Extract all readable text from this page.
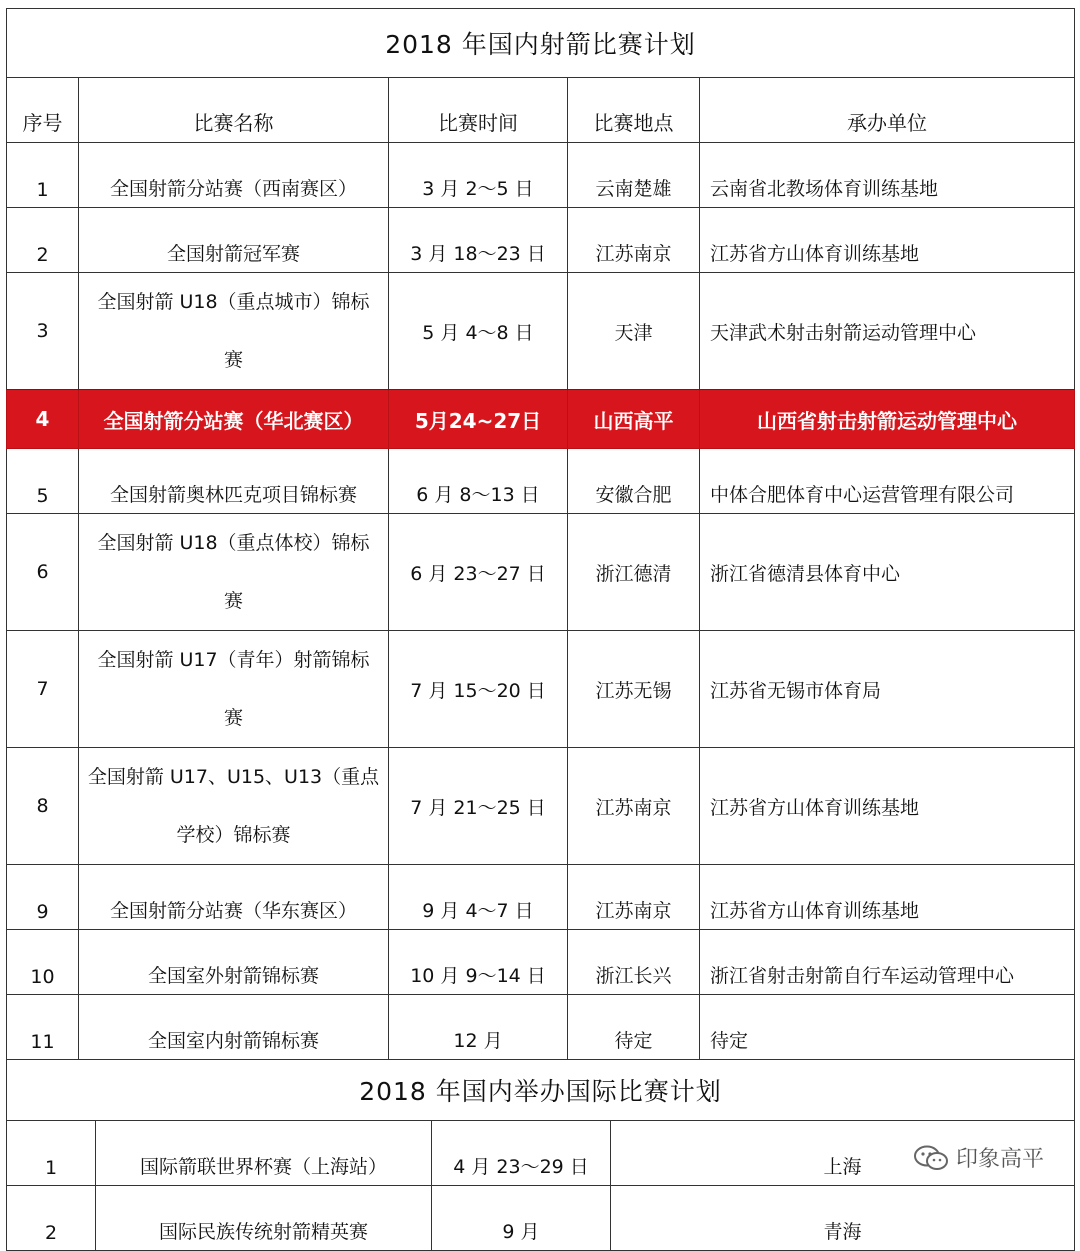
2018 年国内射箭比赛计划				
序号	比赛名称	比赛时间	比赛地点	承办单位
1	全国射箭分站赛（西南赛区）	3 月 2～5 日	云南楚雄	云南省北教场体育训练基地
2	全国射箭冠军赛	3 月 18～23 日	江苏南京	江苏省方山体育训练基地
3	全国射箭 U18（重点城市）锦标
赛	5 月 4～8 日	天津	天津武术射击射箭运动管理中心
4	全国射箭分站赛（华北赛区）	5月24~27日	山西高平	山西省射击射箭运动管理中心
5	全国射箭奥林匹克项目锦标赛	6 月 8～13 日	安徽合肥	中体合肥体育中心运营管理有限公司
6	全国射箭 U18（重点体校）锦标
赛	6 月 23～27 日	浙江德清	浙江省德清县体育中心
7	全国射箭 U17（青年）射箭锦标
赛	7 月 15～20 日	江苏无锡	江苏省无锡市体育局
8	全国射箭 U17、U15、U13（重点
学校）锦标赛	7 月 21～25 日	江苏南京	江苏省方山体育训练基地
9	全国射箭分站赛（华东赛区）	9 月 4～7 日	江苏南京	江苏省方山体育训练基地
10	全国室外射箭锦标赛	10 月 9～14 日	浙江长兴	浙江省射击射箭自行车运动管理中心
11	全国室内射箭锦标赛	12 月	待定	待定
2018 年国内举办国际比赛计划			
1	国际箭联世界杯赛（上海站）	4 月 23～29 日	上海
2	国际民族传统射箭精英赛	9 月	青海
印象高平
